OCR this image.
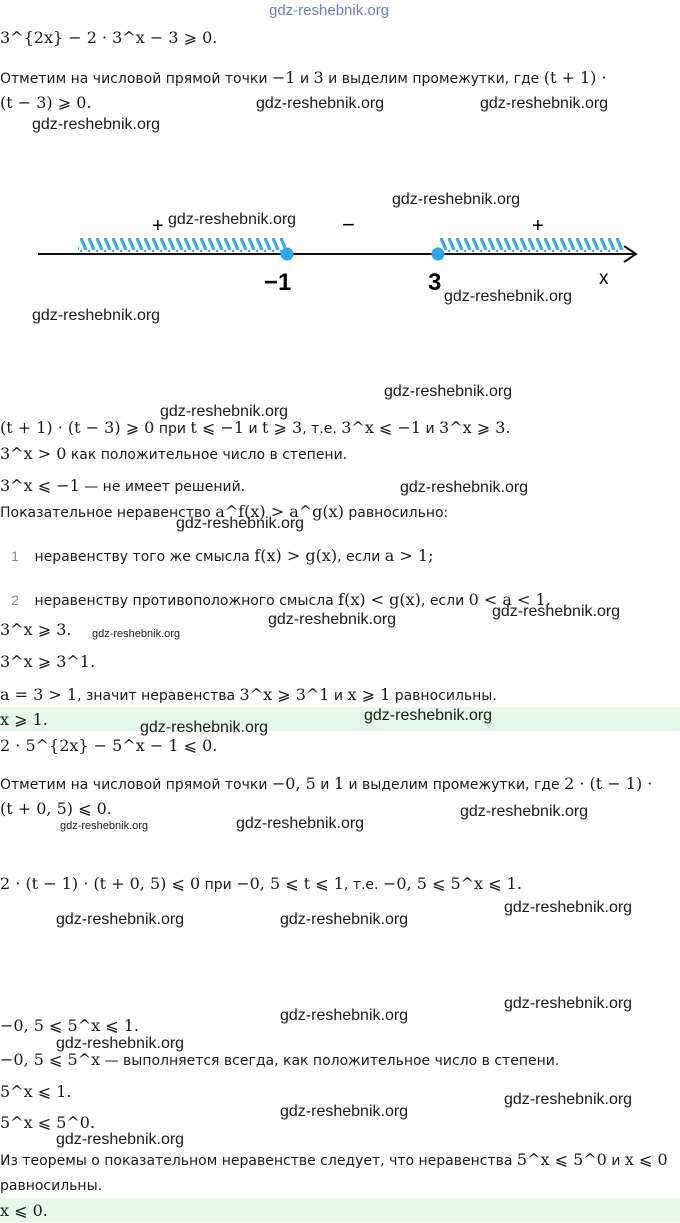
gdz-reshebnik.org
3^{2x} − 2 · 3^x − 3 ⩾ 0.
Отметим на числовой прямой точки −1 и 3 и выделим промежутки, где (t + 1) ·
(t − 3) ⩾ 0.
+	−	+
−1	3	x
(t + 1) · (t − 3) ⩾ 0 при t ⩽ −1 и t ⩾ 3, т.е. 3^x ⩽ −1 и 3^x ⩾ 3.
3^x > 0 как положительное число в степени.
3^x ⩽ −1 — не имеет решений.
Показательное неравенство a^f(x) > a^g(x) равносильно:
1 неравенству того же смысла f(x) > g(x), если a > 1;
2 неравенству противоположного смысла f(x) < g(x), если 0 < a < 1.
3^x ⩾ 3.
3^x ⩾ 3^1.
a = 3 > 1, значит неравенства 3^x ⩾ 3^1 и x ⩾ 1 равносильны.
x ⩾ 1.
2 · 5^{2x} − 5^x − 1 ⩽ 0.
Отметим на числовой прямой точки −0, 5 и 1 и выделим промежутки, где 2 · (t − 1) ·
(t + 0, 5) ⩽ 0.
2 · (t − 1) · (t + 0, 5) ⩽ 0 при −0, 5 ⩽ t ⩽ 1, т.е. −0, 5 ⩽ 5^x ⩽ 1.
−0, 5 ⩽ 5^x ⩽ 1.
−0, 5 ⩽ 5^x — выполняется всегда, как положительное число в степени.
5^x ⩽ 1.
5^x ⩽ 5^0.
Из теоремы о показательном неравенстве следует, что неравенства 5^x ⩽ 5^0 и x ⩽ 0
равносильны.
x ⩽ 0.
gdz-reshebnik.org	gdz-reshebnik.org
gdz-reshebnik.org
gdz-reshebnik.org
gdz-reshebnik.org
gdz-reshebnik.org
gdz-reshebnik.org
gdz-reshebnik.org
gdz-reshebnik.org
gdz-reshebnik.org
gdz-reshebnik.org
gdz-reshebnik.org
gdz-reshebnik.org
gdz-reshebnik.org
gdz-reshebnik.org
gdz-reshebnik.org
gdz-reshebnik.org
gdz-reshebnik.org
gdz-reshebnik.org
gdz-reshebnik.org
gdz-reshebnik.org	gdz-reshebnik.org
gdz-reshebnik.org
gdz-reshebnik.org
gdz-reshebnik.org
gdz-reshebnik.org
gdz-reshebnik.org
gdz-reshebnik.org
